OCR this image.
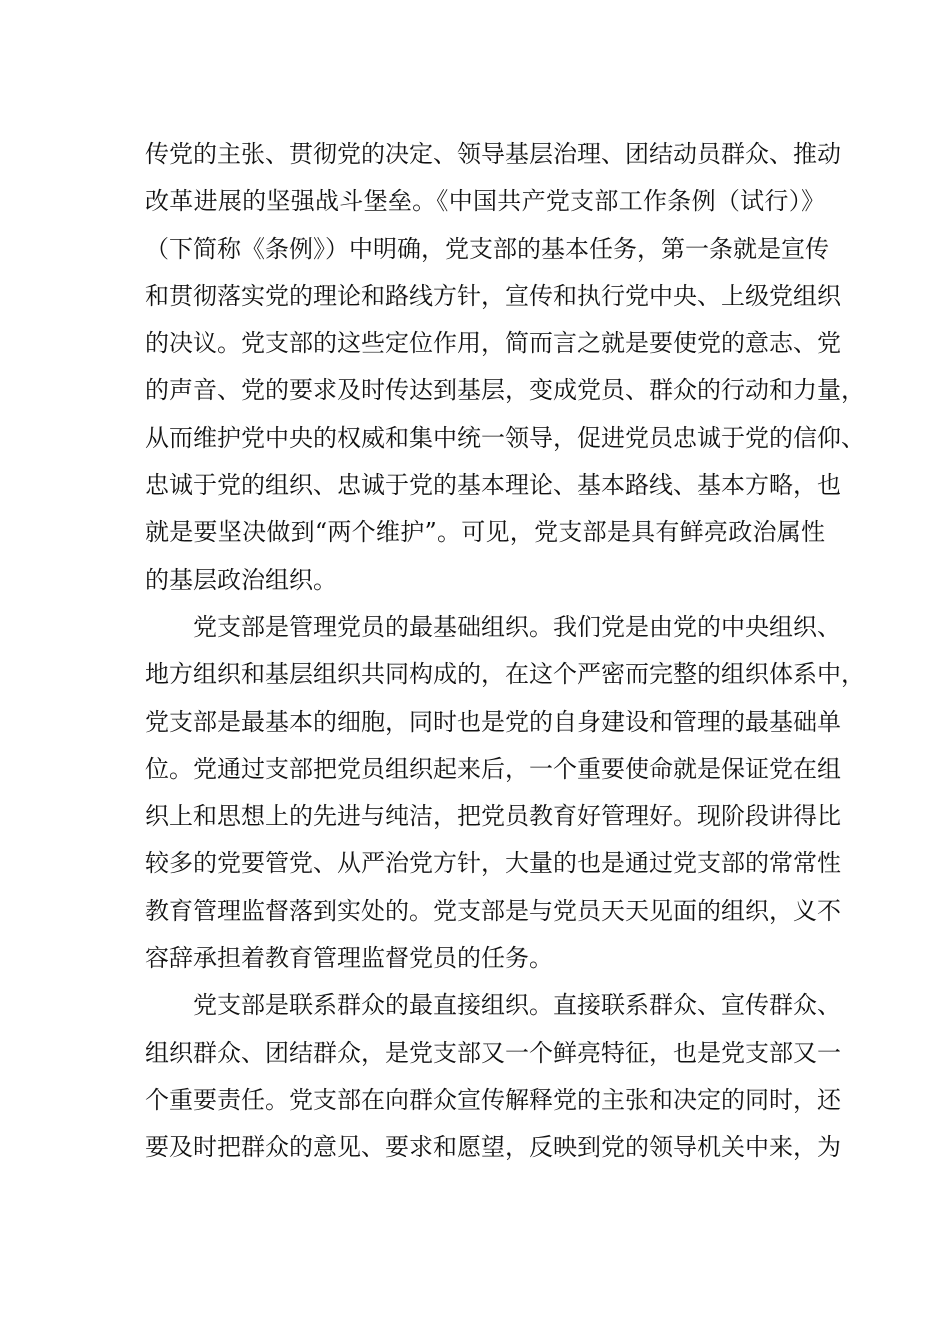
传党的主张、贯彻党的决定、领导基层治理、团结动员群众、推动
改革进展的坚强战斗堡垒。《中国共产党支部工作条例（试行）》
（下简称《条例》）中明确，党支部的基本任务，第一条就是宣传
和贯彻落实党的理论和路线方针，宣传和执行党中央、上级党组织
的决议。党支部的这些定位作用，简而言之就是要使党的意志、党
的声音、党的要求及时传达到基层，变成党员、群众的行动和力量，
从而维护党中央的权威和集中统一领导，促进党员忠诚于党的信仰、
忠诚于党的组织、忠诚于党的基本理论、基本路线、基本方略，也
就是要坚决做到“两个维护”。可见，党支部是具有鲜亮政治属性
的基层政治组织。
党支部是管理党员的最基础组织。我们党是由党的中央组织、
地方组织和基层组织共同构成的，在这个严密而完整的组织体系中，
党支部是最基本的细胞，同时也是党的自身建设和管理的最基础单
位。党通过支部把党员组织起来后，一个重要使命就是保证党在组
织上和思想上的先进与纯洁，把党员教育好管理好。现阶段讲得比
较多的党要管党、从严治党方针，大量的也是通过党支部的常常性
教育管理监督落到实处的。党支部是与党员天天见面的组织，义不
容辞承担着教育管理监督党员的任务。
党支部是联系群众的最直接组织。直接联系群众、宣传群众、
组织群众、团结群众，是党支部又一个鲜亮特征，也是党支部又一
个重要责任。党支部在向群众宣传解释党的主张和决定的同时，还
要及时把群众的意见、要求和愿望，反映到党的领导机关中来，为
